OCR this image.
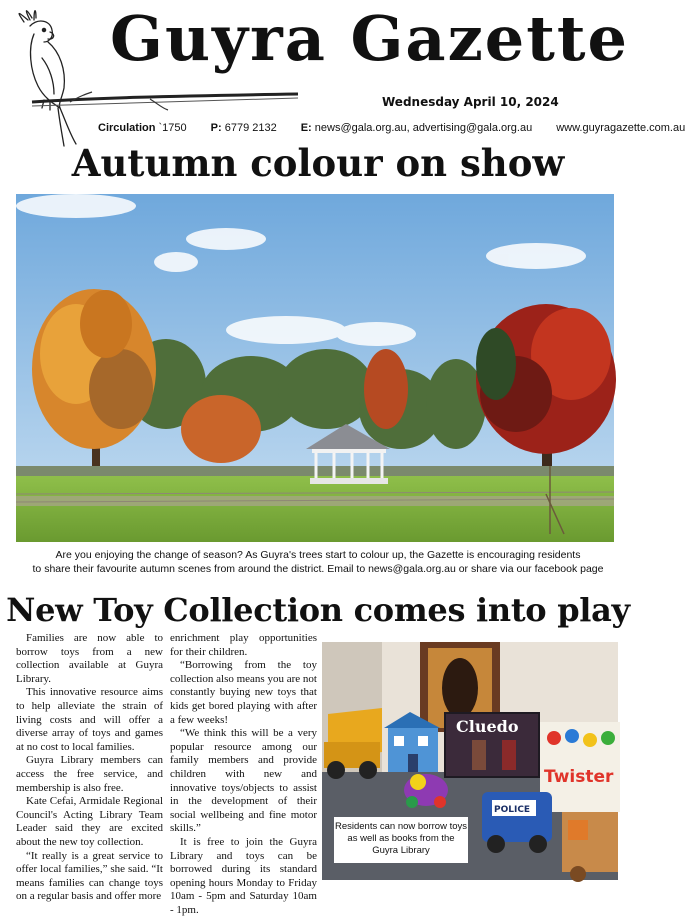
Guyra Gazette
Wednesday April 10, 2024
Circulation `1750 P: 6779 2132 E: news@gala.org.au, advertising@gala.org.au www.guyragazette.com.au
Autumn colour on show
Are you enjoying the change of season? As Guyra's trees start to colour up, the Gazette is encouraging residents
to share their favourite autumn scenes from around the district. Email to news@gala.org.au or share via our facebook page
New Toy Collection comes into play

Families are now able to borrow toys from a new collection available at Guyra Library.

This innovative resource aims to help alleviate the strain of living costs and will offer a diverse array of toys and games at no cost to local families.

Guyra Library members can access the free service, and membership is also free.

Kate Cefai, Armidale Regional Council's Acting Library Team Leader said they are excited about the new toy collection.

“It really is a great service to offer local families,” she said. “It means families can change toys on a regular basis and offer more

enrichment play opportunities for their children.

“Borrowing from the toy collection also means you are not constantly buying new toys that kids get bored playing with after a few weeks!

“We think this will be a very popular resource among our family members and provide children with new and innovative toys/objects to assist in the development of their social wellbeing and fine motor skills.”

It is free to join the Guyra Library and toys can be borrowed during its standard opening hours Monday to Friday 10am - 5pm and Saturday 10am - 1pm.

Cluedo
Twister
POLICE
Residents can now borrow toys as well as books from the Guyra Library
